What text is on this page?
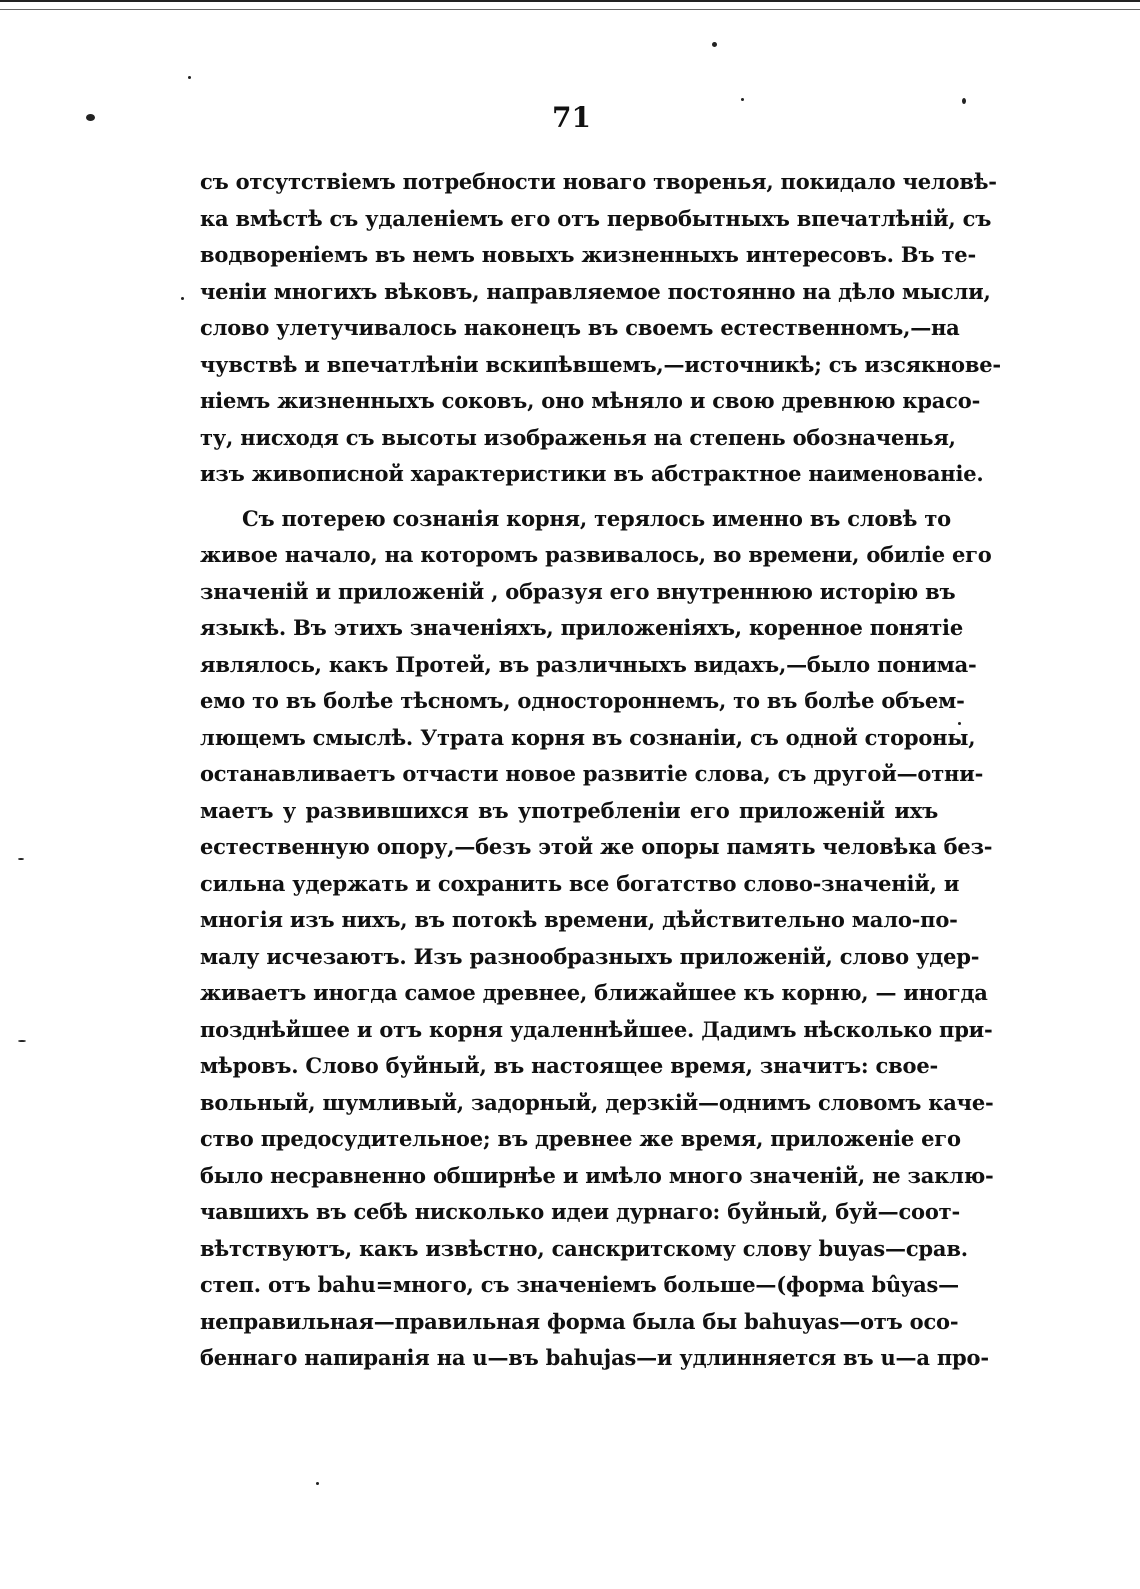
71
съ отсутствіемъ потребности новаго творенья, покидало человѣ-
ка вмѣстѣ съ удаленіемъ его отъ первобытныхъ впечатлѣній, съ
водвореніемъ въ немъ новыхъ жизненныхъ интересовъ. Въ те-
ченіи многихъ вѣковъ, направляемое постоянно на дѣло мысли,
слово улетучивалось наконецъ въ своемъ естественномъ,—на
чувствѣ и впечатлѣніи вскипѣвшемъ,—источникѣ; съ изсякнове-
ніемъ жизненныхъ соковъ, оно мѣняло и свою древнюю красо-
ту, нисходя съ высоты изображенья на степень обозначенья,
изъ живописной характеристики въ абстрактное наименованіе.
Съ потерею сознанія корня, терялось именно въ словѣ то
живое начало, на которомъ развивалось, во времени, обиліе его
значеній и приложеній , образуя его внутреннюю исторію въ
языкѣ. Въ этихъ значеніяхъ, приложеніяхъ, коренное понятіе
являлось, какъ Протей, въ различныхъ видахъ,—было понима-
емо то въ болѣе тѣсномъ, одностороннемъ, то въ болѣе объем-
лющемъ смыслѣ. Утрата корня въ сознаніи, съ одной стороны,
останавливаетъ отчасти новое развитіе слова, съ другой—отни-
маетъ у развившихся въ употребленіи его приложеній ихъ
естественную опору,—безъ этой же опоры память человѣка без-
сильна удержать и сохранить все богатство слово-значеній, и
многія изъ нихъ, въ потокѣ времени, дѣйствительно мало-по-
малу исчезаютъ. Изъ разнообразныхъ приложеній, слово удер-
живаетъ иногда самое древнее, ближайшее къ корню, — иногда
позднѣйшее и отъ корня удаленнѣйшее. Дадимъ нѣсколько при-
мѣровъ. Слово буйный, въ настоящее время, значитъ: свое-
вольный, шумливый, задорный, дерзкій—однимъ словомъ каче-
ство предосудительное; въ древнее же время, приложеніе его
было несравненно обширнѣе и имѣло много значеній, не заклю-
чавшихъ въ себѣ нисколько идеи дурнаго: буйный, буй—соот-
вѣтствуютъ, какъ извѣстно, санскритскому слову buyas—срав.
степ. отъ bahu=много, съ значеніемъ больше—(форма bûyas—
неправильная—правильная форма была бы bahuyas—отъ осо-
беннаго напиранія на u—въ bahujas—и удлинняется въ u—a про-
